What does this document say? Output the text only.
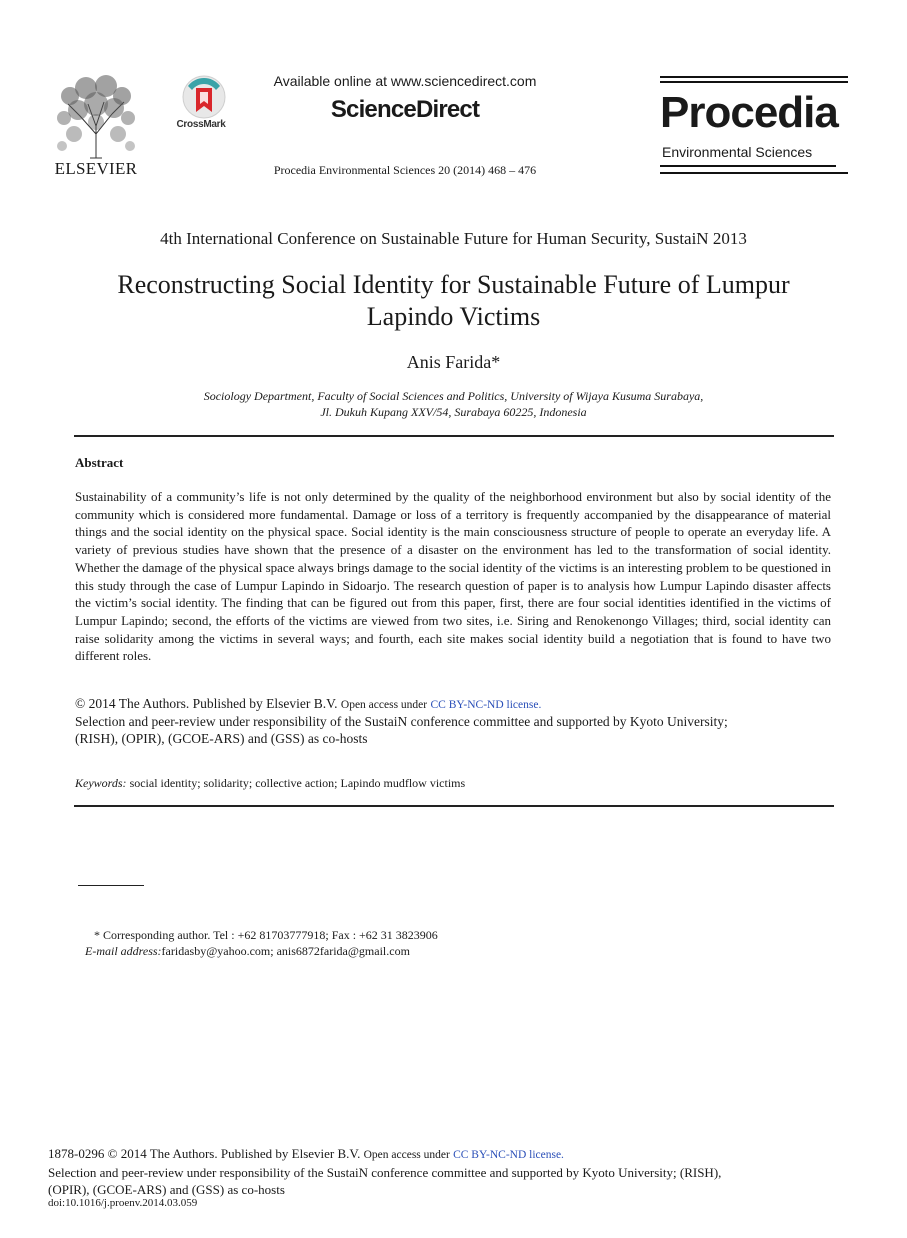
ELSEVIER
CrossMark
Available online at www.sciencedirect.com
ScienceDirect
Procedia Environmental Sciences 20 (2014) 468 – 476
Procedia
Environmental Sciences
4th International Conference on Sustainable Future for Human Security, SustaiN 2013
Reconstructing Social Identity for Sustainable Future of Lumpur
Lapindo Victims
Anis Farida*
Sociology Department, Faculty of Social Sciences and Politics, University of Wijaya Kusuma Surabaya,
Jl. Dukuh Kupang XXV/54, Surabaya 60225, Indonesia
Abstract
Sustainability of a community’s life is not only determined by the quality of the neighborhood environment but also by social identity of the community which is considered more fundamental. Damage or loss of a territory is frequently accompanied by the disappearance of material things and the social identity on the physical space. Social identity is the main consciousness structure of people to operate an everyday life. A variety of previous studies have shown that the presence of a disaster on the environment has led to the transformation of social identity. Whether the damage of the physical space always brings damage to the social identity of the victims is an interesting problem to be questioned in this study through the case of Lumpur Lapindo in Sidoarjo. The research question of paper is to analysis how Lumpur Lapindo disaster affects the victim’s social identity. The finding that can be figured out from this paper, first, there are four social identities identified in the victims of Lumpur Lapindo; second, the efforts of the victims are viewed from two sites, i.e. Siring and Renokenongo Villages; third, social identity can raise solidarity among the victims in several ways; and fourth, each site makes social identity build a negotiation that is found to have two different roles.
© 2014 The Authors. Published by Elsevier B.V. Open access under CC BY-NC-ND license.
Selection and peer-review under responsibility of the SustaiN conference committee and supported by Kyoto University;
(RISH), (OPIR), (GCOE-ARS) and (GSS) as co-hosts
Keywords: social identity; solidarity; collective action; Lapindo mudflow victims
* Corresponding author. Tel : +62 81703777918; Fax : +62 31 3823906
E-mail address:faridasby@yahoo.com; anis6872farida@gmail.com
1878-0296 © 2014 The Authors. Published by Elsevier B.V. Open access under CC BY-NC-ND license.
Selection and peer-review under responsibility of the SustaiN conference committee and supported by Kyoto University; (RISH),
(OPIR), (GCOE-ARS) and (GSS) as co-hosts
doi:10.1016/j.proenv.2014.03.059
